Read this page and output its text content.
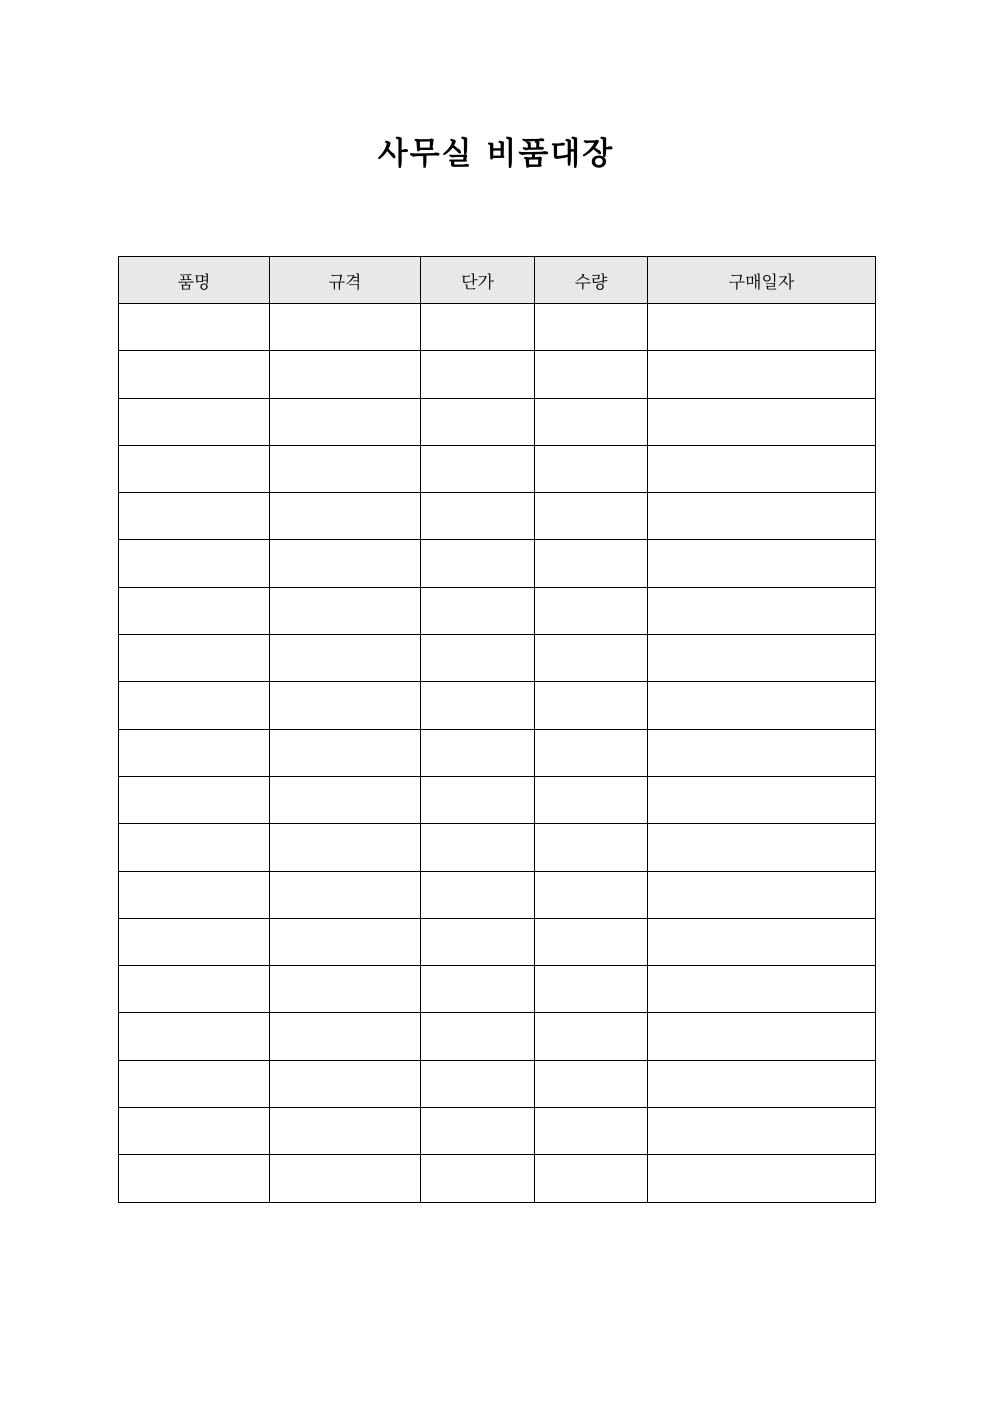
사무실 비품대장
품명	규격	단가	수량	구매일자
